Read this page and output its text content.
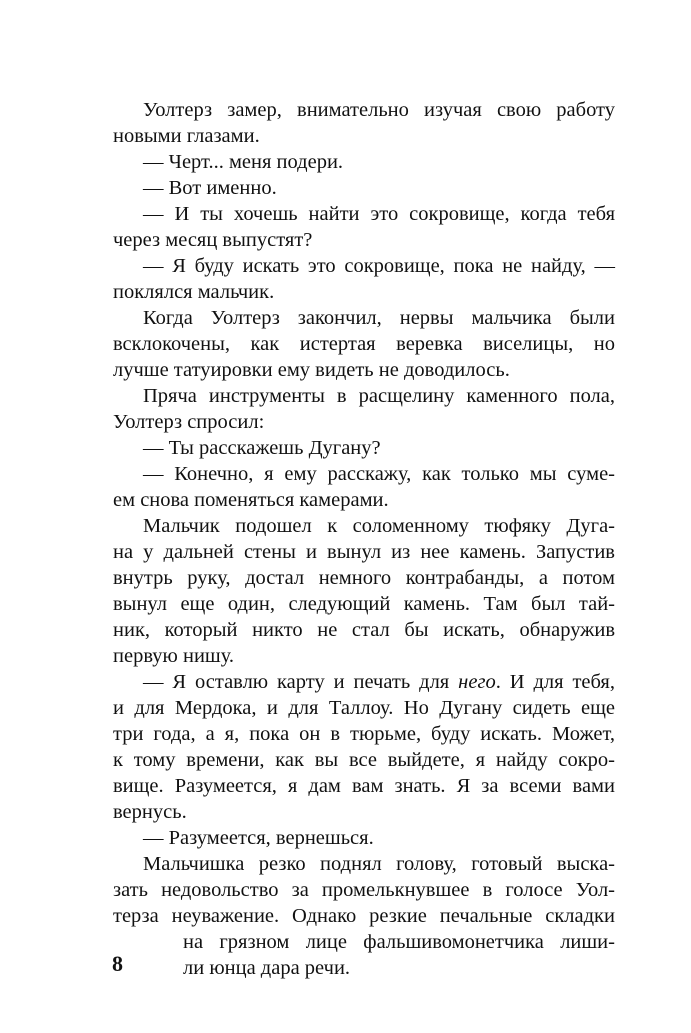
Уолтерз замер, внимательно изучая свою работу
новыми глазами.
— Черт... меня подери.
— Вот именно.
— И ты хочешь найти это сокровище, когда тебя
через месяц выпустят?
— Я буду искать это сокровище, пока не найду, —
поклялся мальчик.
Когда Уолтерз закончил, нервы мальчика были
всклокочены, как истертая веревка виселицы, но
лучше татуировки ему видеть не доводилось.
Пряча инструменты в расщелину каменного пола,
Уолтерз спросил:
— Ты расскажешь Дугану?
— Конечно, я ему расскажу, как только мы суме-
ем снова поменяться камерами.
Мальчик подошел к соломенному тюфяку Дуга-
на у дальней стены и вынул из нее камень. Запустив
внутрь руку, достал немного контрабанды, а потом
вынул еще один, следующий камень. Там был тай-
ник, который никто не стал бы искать, обнаружив
первую нишу.
— Я оставлю карту и печать для него. И для тебя,
и для Мердока, и для Таллоу. Но Дугану сидеть еще
три года, а я, пока он в тюрьме, буду искать. Может,
к тому времени, как вы все выйдете, я найду сокро-
вище. Разумеется, я дам вам знать. Я за всеми вами
вернусь.
— Разумеется, вернешься.
Мальчишка резко поднял голову, готовый выска-
зать недовольство за промелькнувшее в голосе Уол-
терза неуважение. Однако резкие печальные складки
на грязном лице фальшивомонетчика лиши-
ли юнца дара речи.
8
